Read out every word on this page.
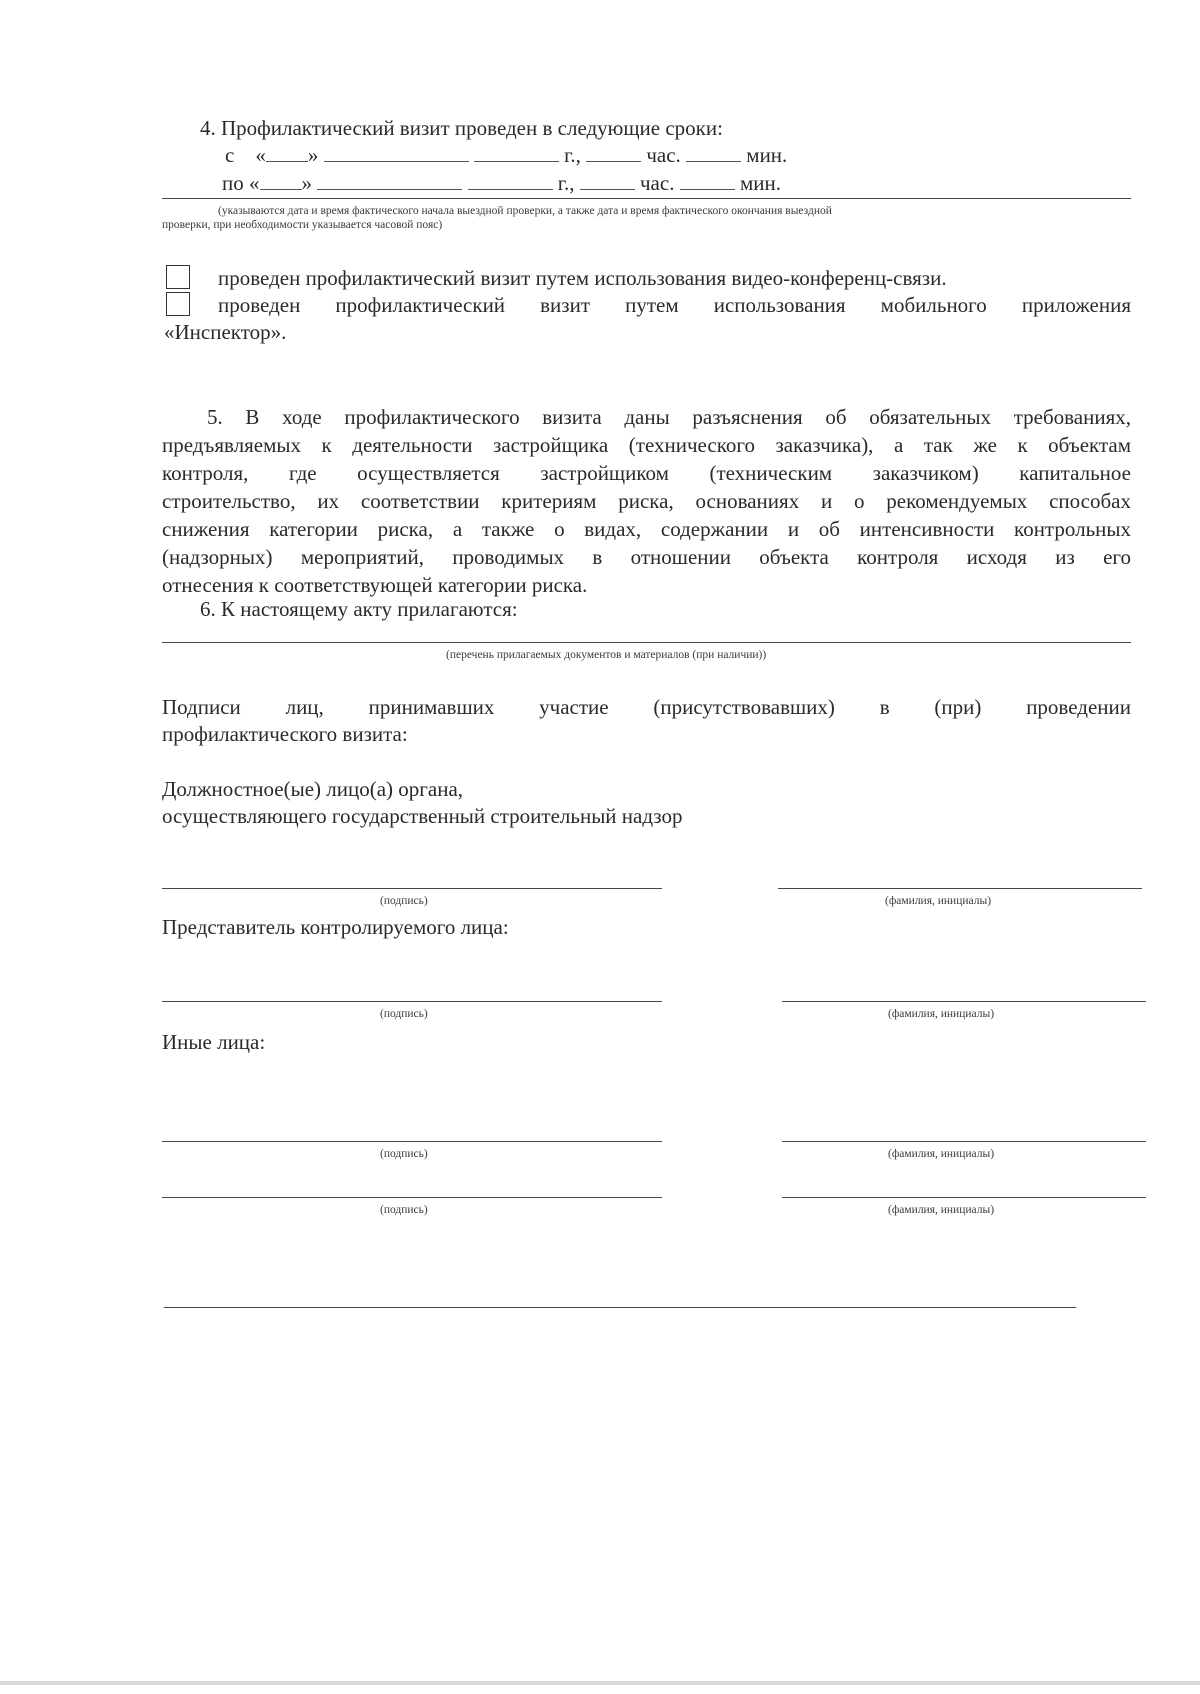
4. Профилактический визит проведен в следующие сроки:
с « »	г.,	час.	мин.
по « »	г.,	час.	мин.
(указываются дата и время фактического начала выездной проверки, а также дата и время фактического окончания выездной
проверки, при необходимости указывается часовой пояс)
проведен профилактический визит путем использования видео-конференц-связи.
проведен профилактический визит путем использования мобильного приложения
«Инспектор».
5. В ходе профилактического визита даны разъяснения об обязательных требованиях,
предъявляемых к деятельности застройщика (технического заказчика), а так же к объектам
контроля, где осуществляется застройщиком (техническим заказчиком) капитальное
строительство, их соответствии критериям риска, основаниях и о рекомендуемых способах
снижения категории риска, а также о видах, содержании и об интенсивности контрольных
(надзорных) мероприятий, проводимых в отношении объекта контроля исходя из его
отнесения к соответствующей категории риска.
6. К настоящему акту прилагаются:
(перечень прилагаемых документов и материалов (при наличии))
Подписи лиц, принимавших участие (присутствовавших) в (при) проведении
профилактического визита:
Должностное(ые) лицо(а) органа,
осуществляющего государственный строительный надзор
(подпись)	(фамилия, инициалы)
Представитель контролируемого лица:
(подпись)	(фамилия, инициалы)
Иные лица:
(подпись)	(фамилия, инициалы)
(подпись)	(фамилия, инициалы)
